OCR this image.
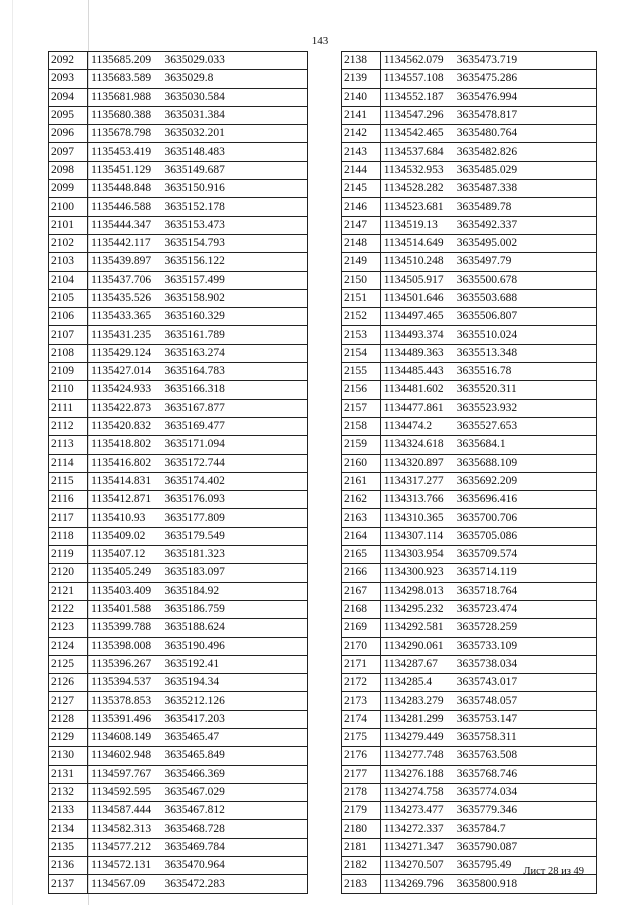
143
2092	1135685.209	3635029.033
2093	1135683.589	3635029.8
2094	1135681.988	3635030.584
2095	1135680.388	3635031.384
2096	1135678.798	3635032.201
2097	1135453.419	3635148.483
2098	1135451.129	3635149.687
2099	1135448.848	3635150.916
2100	1135446.588	3635152.178
2101	1135444.347	3635153.473
2102	1135442.117	3635154.793
2103	1135439.897	3635156.122
2104	1135437.706	3635157.499
2105	1135435.526	3635158.902
2106	1135433.365	3635160.329
2107	1135431.235	3635161.789
2108	1135429.124	3635163.274
2109	1135427.014	3635164.783
2110	1135424.933	3635166.318
2111	1135422.873	3635167.877
2112	1135420.832	3635169.477
2113	1135418.802	3635171.094
2114	1135416.802	3635172.744
2115	1135414.831	3635174.402
2116	1135412.871	3635176.093
2117	1135410.93	3635177.809
2118	1135409.02	3635179.549
2119	1135407.12	3635181.323
2120	1135405.249	3635183.097
2121	1135403.409	3635184.92
2122	1135401.588	3635186.759
2123	1135399.788	3635188.624
2124	1135398.008	3635190.496
2125	1135396.267	3635192.41
2126	1135394.537	3635194.34
2127	1135378.853	3635212.126
2128	1135391.496	3635417.203
2129	1134608.149	3635465.47
2130	1134602.948	3635465.849
2131	1134597.767	3635466.369
2132	1134592.595	3635467.029
2133	1134587.444	3635467.812
2134	1134582.313	3635468.728
2135	1134577.212	3635469.784
2136	1134572.131	3635470.964
2137	1134567.09	3635472.283
2138	1134562.079	3635473.719
2139	1134557.108	3635475.286
2140	1134552.187	3635476.994
2141	1134547.296	3635478.817
2142	1134542.465	3635480.764
2143	1134537.684	3635482.826
2144	1134532.953	3635485.029
2145	1134528.282	3635487.338
2146	1134523.681	3635489.78
2147	1134519.13	3635492.337
2148	1134514.649	3635495.002
2149	1134510.248	3635497.79
2150	1134505.917	3635500.678
2151	1134501.646	3635503.688
2152	1134497.465	3635506.807
2153	1134493.374	3635510.024
2154	1134489.363	3635513.348
2155	1134485.443	3635516.78
2156	1134481.602	3635520.311
2157	1134477.861	3635523.932
2158	1134474.2	3635527.653
2159	1134324.618	3635684.1
2160	1134320.897	3635688.109
2161	1134317.277	3635692.209
2162	1134313.766	3635696.416
2163	1134310.365	3635700.706
2164	1134307.114	3635705.086
2165	1134303.954	3635709.574
2166	1134300.923	3635714.119
2167	1134298.013	3635718.764
2168	1134295.232	3635723.474
2169	1134292.581	3635728.259
2170	1134290.061	3635733.109
2171	1134287.67	3635738.034
2172	1134285.4	3635743.017
2173	1134283.279	3635748.057
2174	1134281.299	3635753.147
2175	1134279.449	3635758.311
2176	1134277.748	3635763.508
2177	1134276.188	3635768.746
2178	1134274.758	3635774.034
2179	1134273.477	3635779.346
2180	1134272.337	3635784.7
2181	1134271.347	3635790.087
2182	1134270.507	3635795.49
2183	1134269.796	3635800.918
Лист 28 из 49
